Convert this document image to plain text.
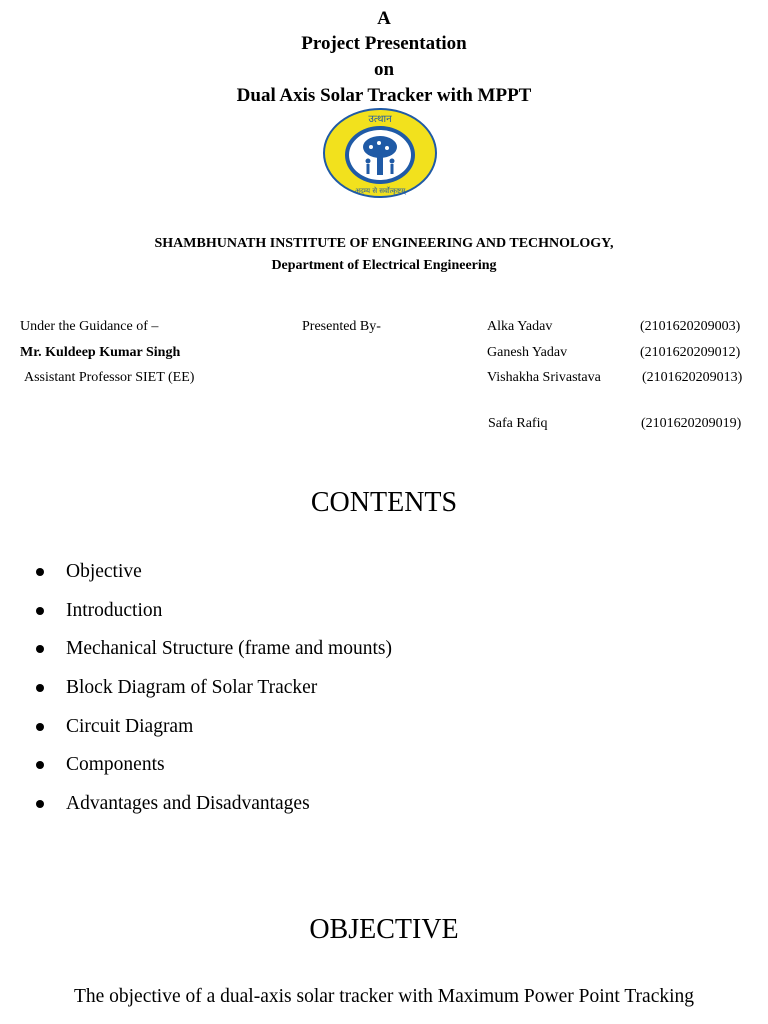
A
Project Presentation
on
Dual Axis Solar Tracker with MPPT
उत्थान
अदम्य से सर्वोत्कृष्टम्
SHAMBHUNATH INSTITUTE OF ENGINEERING AND TECHNOLOGY,
Department of Electrical Engineering
Under the Guidance of –
Mr. Kuldeep Kumar Singh
Assistant Professor SIET (EE)
Presented By-	Alka Yadav	(2101620209003)
Ganesh Yadav	(2101620209012)
Vishakha Srivastava	(2101620209013)
Safa Rafiq	(2101620209019)
CONTENTS
Objective
Introduction
Mechanical Structure (frame and mounts)
Block Diagram of Solar Tracker
Circuit Diagram
Components
Advantages and Disadvantages
OBJECTIVE
The objective of a dual-axis solar tracker with Maximum Power Point Tracking
